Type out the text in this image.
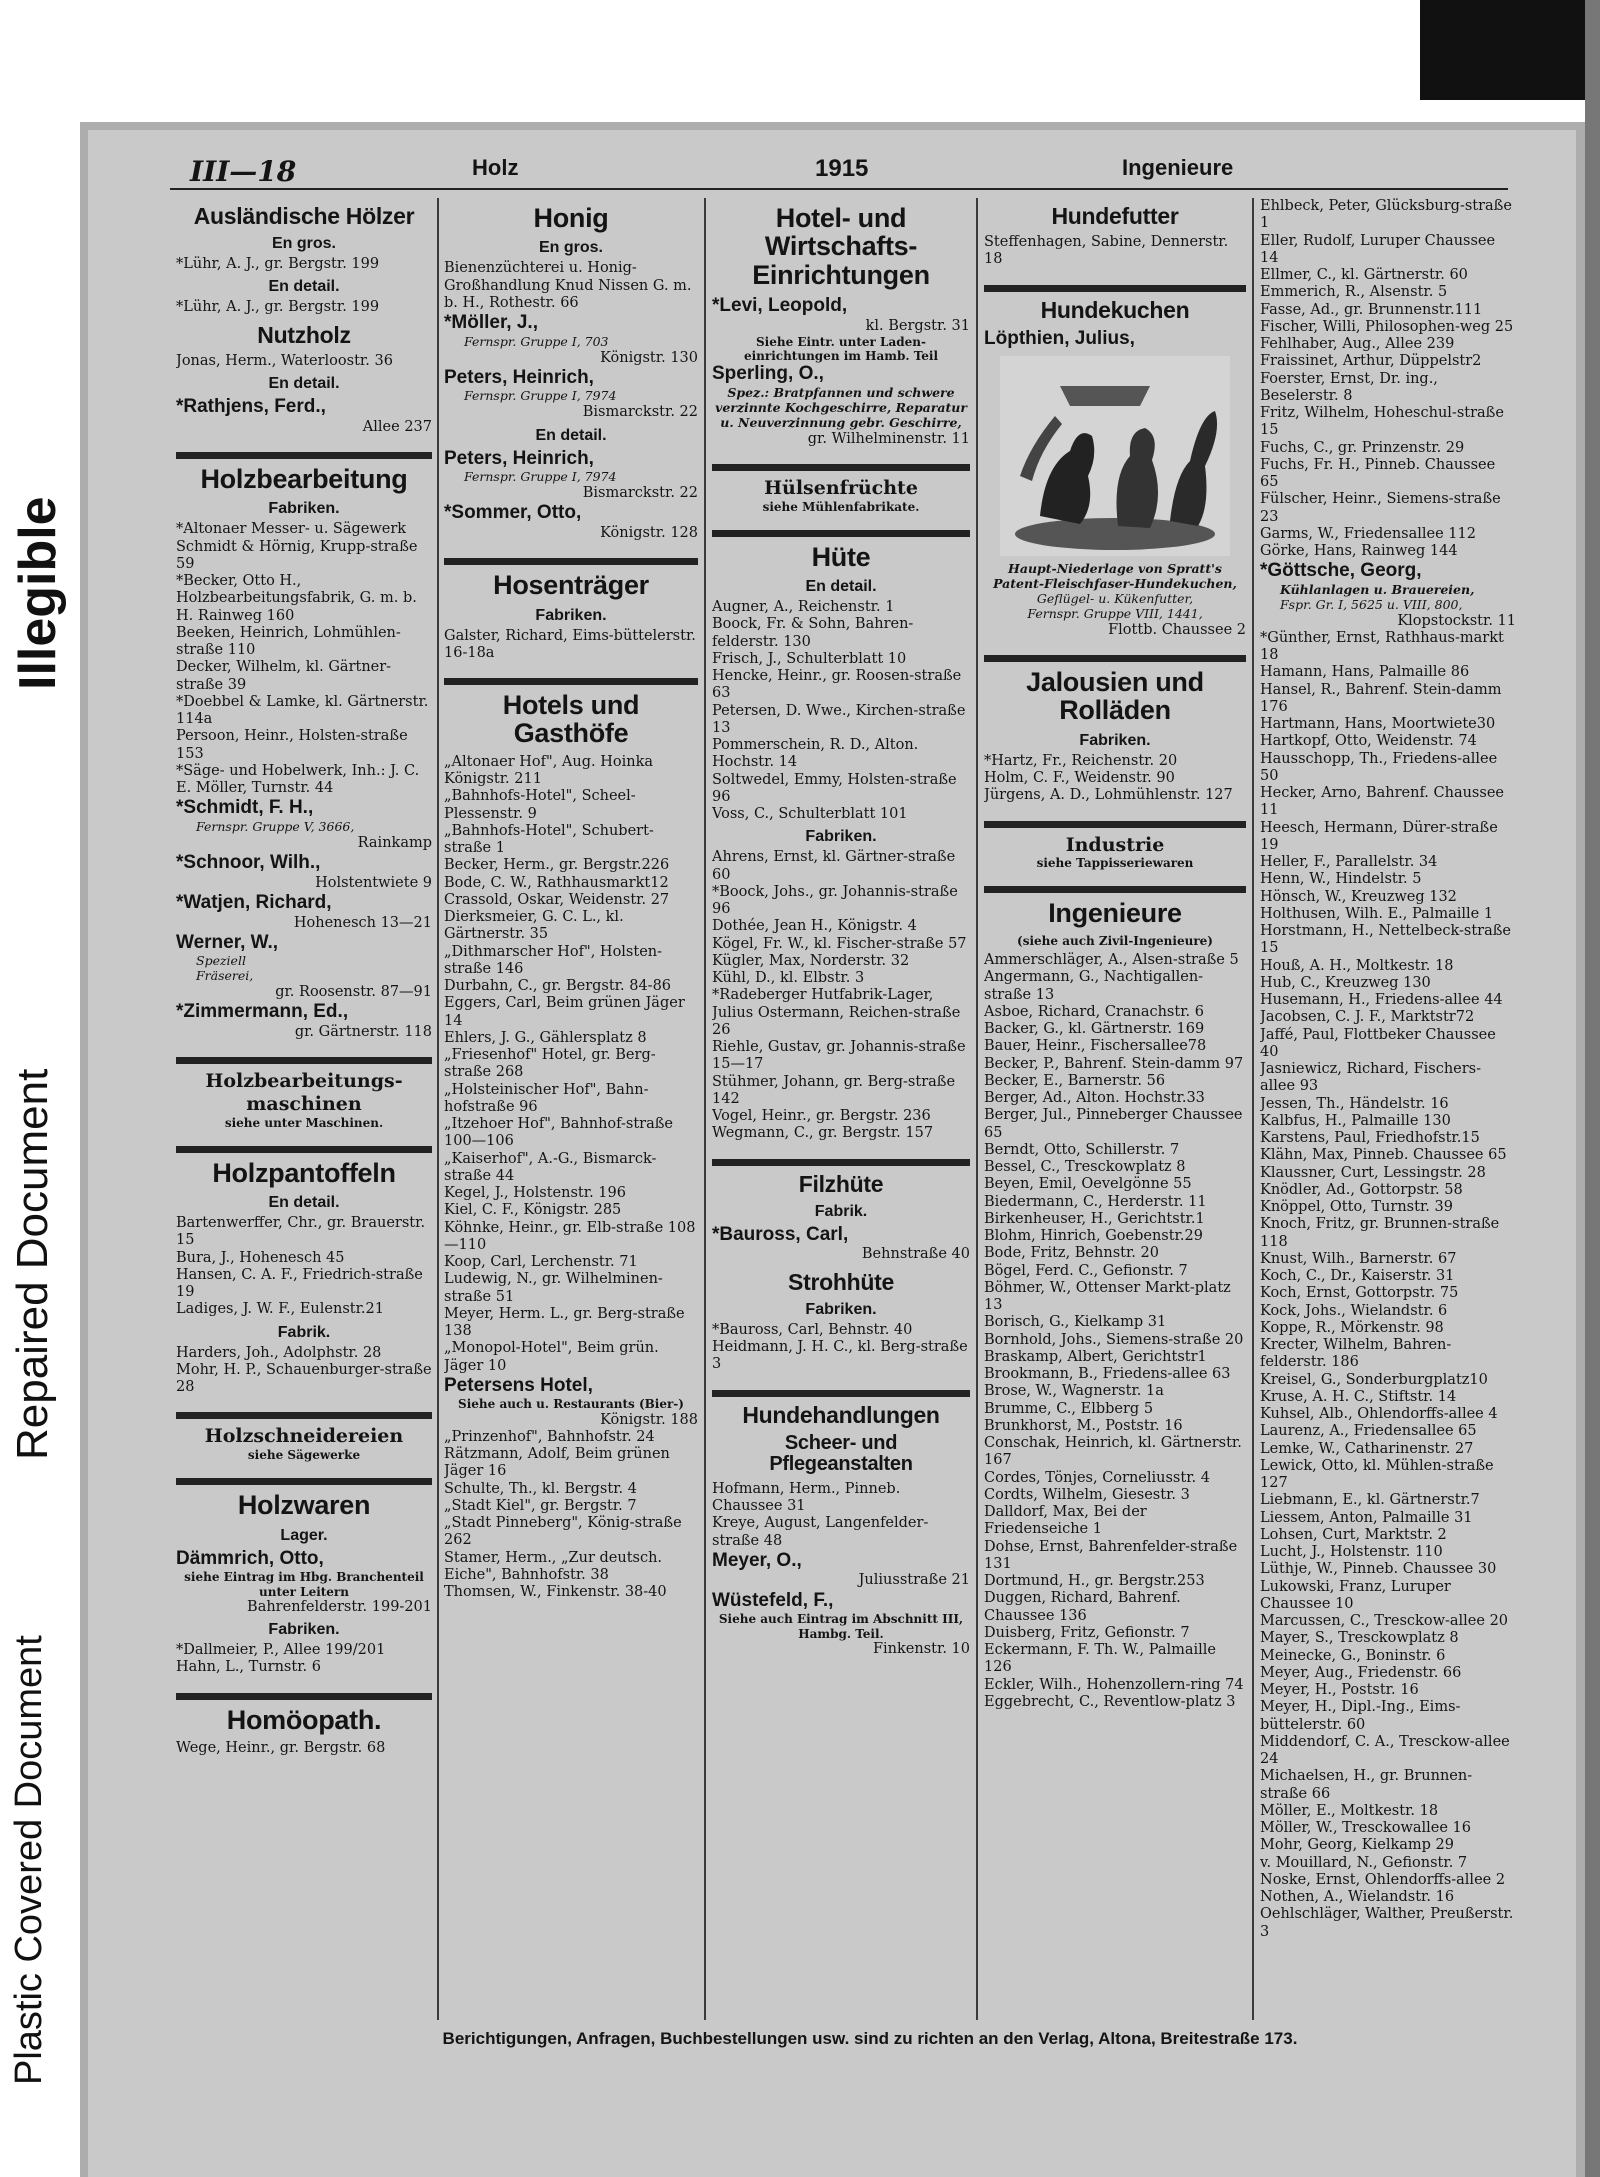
Plastic Covered Document
Repaired Document
Illegible
III—18	Holz	1915	Ingenieure
Ausländische Hölzer
En gros.

*Lühr, A. J., gr. Bergstr. 199

En detail.

*Lühr, A. J., gr. Bergstr. 199

Nutzholz

Jonas, Herm., Waterloostr. 36

En detail.

*Rathjens, Ferd.,

Allee 237

Holzbearbeitung
Fabriken.

*Altonaer Messer- u. Sägewerk Schmidt & Hörnig, Krupp-straße 59

*Becker, Otto H., Holzbearbeitungsfabrik, G. m. b. H. Rainweg 160

Beeken, Heinrich, Lohmühlen-straße 110

Decker, Wilhelm, kl. Gärtner-straße 39

*Doebbel & Lamke, kl. Gärtnerstr. 114a

Persoon, Heinr., Holsten-straße 153

*Säge- und Hobelwerk, Inh.: J. C. E. Möller, Turnstr. 44

*Schmidt, F. H.,

Fernspr. Gruppe V, 3666,

Rainkamp

*Schnoor, Wilh.,

Holstentwiete 9

*Watjen, Richard,

Hohenesch 13—21

Werner, W.,

Speziell

Fräserei,

gr. Roosenstr. 87—91

*Zimmermann, Ed.,

gr. Gärtnerstr. 118

Holzbearbeitungs-maschinen
siehe unter Maschinen.
Holzpantoffeln
En detail.

Bartenwerffer, Chr., gr. Brauerstr. 15

Bura, J., Hohenesch 45

Hansen, C. A. F., Friedrich-straße 19

Ladiges, J. W. F., Eulenstr.21

Fabrik.

Harders, Joh., Adolphstr. 28

Mohr, H. P., Schauenburger-straße 28

Holzschneidereien
siehe Sägewerke
Holzwaren
Lager.

Dämmrich, Otto,

siehe Eintrag im Hbg. Branchenteil unter Leitern

Bahrenfelderstr. 199-201

Fabriken.

*Dallmeier, P., Allee 199/201

Hahn, L., Turnstr. 6

Homöopath.

Wege, Heinr., gr. Bergstr. 68

Honig
En gros.

Bienenzüchterei u. Honig-Großhandlung Knud Nissen G. m. b. H., Rothestr. 66

*Möller, J.,

Fernspr. Gruppe I, 703

Königstr. 130

Peters, Heinrich,

Fernspr. Gruppe I, 7974

Bismarckstr. 22

En detail.

Peters, Heinrich,

Fernspr. Gruppe I, 7974

Bismarckstr. 22

*Sommer, Otto,

Königstr. 128

Hosenträger
Fabriken.

Galster, Richard, Eims-büttelerstr. 16-18a

Hotels und Gasthöfe

„Altonaer Hof", Aug. Hoinka Königstr. 211

„Bahnhofs-Hotel", Scheel-Plessenstr. 9

„Bahnhofs-Hotel", Schubert-straße 1

Becker, Herm., gr. Bergstr.226

Bode, C. W., Rathhausmarkt12

Crassold, Oskar, Weidenstr. 27

Dierksmeier, G. C. L., kl. Gärtnerstr. 35

„Dithmarscher Hof", Holsten-straße 146

Durbahn, C., gr. Bergstr. 84-86

Eggers, Carl, Beim grünen Jäger 14

Ehlers, J. G., Gählersplatz 8

„Friesenhof" Hotel, gr. Berg-straße 268

„Holsteinischer Hof", Bahn-hofstraße 96

„Itzehoer Hof", Bahnhof-straße 100—106

„Kaiserhof", A.-G., Bismarck-straße 44

Kegel, J., Holstenstr. 196

Kiel, C. F., Königstr. 285

Köhnke, Heinr., gr. Elb-straße 108—110

Koop, Carl, Lerchenstr. 71

Ludewig, N., gr. Wilhelminen-straße 51

Meyer, Herm. L., gr. Berg-straße 138

„Monopol-Hotel", Beim grün. Jäger 10

Petersens Hotel,

Siehe auch u. Restaurants (Bier-)

Königstr. 188

„Prinzenhof", Bahnhofstr. 24

Rätzmann, Adolf, Beim grünen Jäger 16

Schulte, Th., kl. Bergstr. 4

„Stadt Kiel", gr. Bergstr. 7

„Stadt Pinneberg", König-straße 262

Stamer, Herm., „Zur deutsch. Eiche", Bahnhofstr. 38

Thomsen, W., Finkenstr. 38-40

Hotel- und Wirtschafts-Einrichtungen

*Levi, Leopold,

kl. Bergstr. 31

Siehe Eintr. unter Laden-einrichtungen im Hamb. Teil

Sperling, O.,

Spez.: Bratpfannen und schwere verzinnte Kochgeschirre, Reparatur u. Neuverzinnung gebr. Geschirre,

gr. Wilhelminenstr. 11

Hülsenfrüchte
siehe Mühlenfabrikate.
Hüte
En detail.

Augner, A., Reichenstr. 1

Boock, Fr. & Sohn, Bahren-felderstr. 130

Frisch, J., Schulterblatt 10

Hencke, Heinr., gr. Roosen-straße 63

Petersen, D. Wwe., Kirchen-straße 13

Pommerschein, R. D., Alton. Hochstr. 14

Soltwedel, Emmy, Holsten-straße 96

Voss, C., Schulterblatt 101

Fabriken.

Ahrens, Ernst, kl. Gärtner-straße 60

*Boock, Johs., gr. Johannis-straße 96

Dothée, Jean H., Königstr. 4

Kögel, Fr. W., kl. Fischer-straße 57

Kügler, Max, Norderstr. 32

Kühl, D., kl. Elbstr. 3

*Radeberger Hutfabrik-Lager, Julius Ostermann, Reichen-straße 26

Riehle, Gustav, gr. Johannis-straße 15—17

Stühmer, Johann, gr. Berg-straße 142

Vogel, Heinr., gr. Bergstr. 236

Wegmann, C., gr. Bergstr. 157

Filzhüte
Fabrik.

*Bauross, Carl,

Behnstraße 40

Strohhüte
Fabriken.

*Bauross, Carl, Behnstr. 40

Heidmann, J. H. C., kl. Berg-straße 3

Hundehandlungen
Scheer- und Pflegeanstalten

Hofmann, Herm., Pinneb. Chaussee 31

Kreye, August, Langenfelder-straße 48

Meyer, O.,

Juliusstraße 21

Wüstefeld, F.,

Siehe auch Eintrag im Abschnitt III, Hambg. Teil.

Finkenstr. 10

Hundefutter

Steffenhagen, Sabine, Dennerstr. 18

Hundekuchen

Löpthien, Julius,

Haupt-Niederlage von Spratt's Patent-Fleischfaser-Hundekuchen,

Geflügel- u. Kükenfutter,

Fernspr. Gruppe VIII, 1441,

Flottb. Chaussee 2

Jalousien und Rolläden
Fabriken.

*Hartz, Fr., Reichenstr. 20

Holm, C. F., Weidenstr. 90

Jürgens, A. D., Lohmühlenstr. 127

Industrie
siehe Tappisseriewaren
Ingenieure
(siehe auch Zivil-Ingenieure)

Ammerschläger, A., Alsen-straße 5

Angermann, G., Nachtigallen-straße 13

Asboe, Richard, Cranachstr. 6

Backer, G., kl. Gärtnerstr. 169

Bauer, Heinr., Fischersallee78

Becker, P., Bahrenf. Stein-damm 97

Becker, E., Barnerstr. 56

Berger, Ad., Alton. Hochstr.33

Berger, Jul., Pinneberger Chaussee 65

Berndt, Otto, Schillerstr. 7

Bessel, C., Tresckowplatz 8

Beyen, Emil, Oevelgönne 55

Biedermann, C., Herderstr. 11

Birkenheuser, H., Gerichtstr.1

Blohm, Hinrich, Goebenstr.29

Bode, Fritz, Behnstr. 20

Bögel, Ferd. C., Gefionstr. 7

Böhmer, W., Ottenser Markt-platz 13

Borisch, G., Kielkamp 31

Bornhold, Johs., Siemens-straße 20

Braskamp, Albert, Gerichtstr1

Brookmann, B., Friedens-allee 63

Brose, W., Wagnerstr. 1a

Brumme, C., Elbberg 5

Brunkhorst, M., Poststr. 16

Conschak, Heinrich, kl. Gärtnerstr. 167

Cordes, Tönjes, Corneliusstr. 4

Cordts, Wilhelm, Giesestr. 3

Dalldorf, Max, Bei der Friedenseiche 1

Dohse, Ernst, Bahrenfelder-straße 131

Dortmund, H., gr. Bergstr.253

Duggen, Richard, Bahrenf. Chaussee 136

Duisberg, Fritz, Gefionstr. 7

Eckermann, F. Th. W., Palmaille 126

Eckler, Wilh., Hohenzollern-ring 74

Eggebrecht, C., Reventlow-platz 3

Ehlbeck, Peter, Glücksburg-straße 1

Eller, Rudolf, Luruper Chaussee 14

Ellmer, C., kl. Gärtnerstr. 60

Emmerich, R., Alsenstr. 5

Fasse, Ad., gr. Brunnenstr.111

Fischer, Willi, Philosophen-weg 25

Fehlhaber, Aug., Allee 239

Fraissinet, Arthur, Düppelstr2

Foerster, Ernst, Dr. ing., Beselerstr. 8

Fritz, Wilhelm, Hoheschul-straße 15

Fuchs, C., gr. Prinzenstr. 29

Fuchs, Fr. H., Pinneb. Chaussee 65

Fülscher, Heinr., Siemens-straße 23

Garms, W., Friedensallee 112

Görke, Hans, Rainweg 144

*Göttsche, Georg,

Kühlanlagen u. Brauereien,

Fspr. Gr. I, 5625 u. VIII, 800,

Klopstockstr. 11

*Günther, Ernst, Rathhaus-markt 18

Hamann, Hans, Palmaille 86

Hansel, R., Bahrenf. Stein-damm 176

Hartmann, Hans, Moortwiete30

Hartkopf, Otto, Weidenstr. 74

Hausschopp, Th., Friedens-allee 50

Hecker, Arno, Bahrenf. Chaussee 11

Heesch, Hermann, Dürer-straße 19

Heller, F., Parallelstr. 34

Henn, W., Hindelstr. 5

Hönsch, W., Kreuzweg 132

Holthusen, Wilh. E., Palmaille 1

Horstmann, H., Nettelbeck-straße 15

Houß, A. H., Moltkestr. 18

Hub, C., Kreuzweg 130

Husemann, H., Friedens-allee 44

Jacobsen, C. J. F., Marktstr72

Jaffé, Paul, Flottbeker Chaussee 40

Jasniewicz, Richard, Fischers-allee 93

Jessen, Th., Händelstr. 16

Kalbfus, H., Palmaille 130

Karstens, Paul, Friedhofstr.15

Klähn, Max, Pinneb. Chaussee 65

Klaussner, Curt, Lessingstr. 28

Knödler, Ad., Gottorpstr. 58

Knöppel, Otto, Turnstr. 39

Knoch, Fritz, gr. Brunnen-straße 118

Knust, Wilh., Barnerstr. 67

Koch, C., Dr., Kaiserstr. 31

Koch, Ernst, Gottorpstr. 75

Kock, Johs., Wielandstr. 6

Koppe, R., Mörkenstr. 98

Krecter, Wilhelm, Bahren-felderstr. 186

Kreisel, G., Sonderburgplatz10

Kruse, A. H. C., Stiftstr. 14

Kuhsel, Alb., Ohlendorffs-allee 4

Laurenz, A., Friedensallee 65

Lemke, W., Catharinenstr. 27

Lewick, Otto, kl. Mühlen-straße 127

Liebmann, E., kl. Gärtnerstr.7

Liessem, Anton, Palmaille 31

Lohsen, Curt, Marktstr. 2

Lucht, J., Holstenstr. 110

Lüthje, W., Pinneb. Chaussee 30

Lukowski, Franz, Luruper Chaussee 10

Marcussen, C., Tresckow-allee 20

Mayer, S., Tresckowplatz 8

Meinecke, G., Boninstr. 6

Meyer, Aug., Friedenstr. 66

Meyer, H., Poststr. 16

Meyer, H., Dipl.-Ing., Eims-büttelerstr. 60

Middendorf, C. A., Tresckow-allee 24

Michaelsen, H., gr. Brunnen-straße 66

Möller, E., Moltkestr. 18

Möller, W., Tresckowallee 16

Mohr, Georg, Kielkamp 29

v. Mouillard, N., Gefionstr. 7

Noske, Ernst, Ohlendorffs-allee 2

Nothen, A., Wielandstr. 16

Oehlschläger, Walther, Preußerstr. 3

Berichtigungen, Anfragen, Buchbestellungen usw. sind zu richten an den Verlag, Altona, Breitestraße 173.
